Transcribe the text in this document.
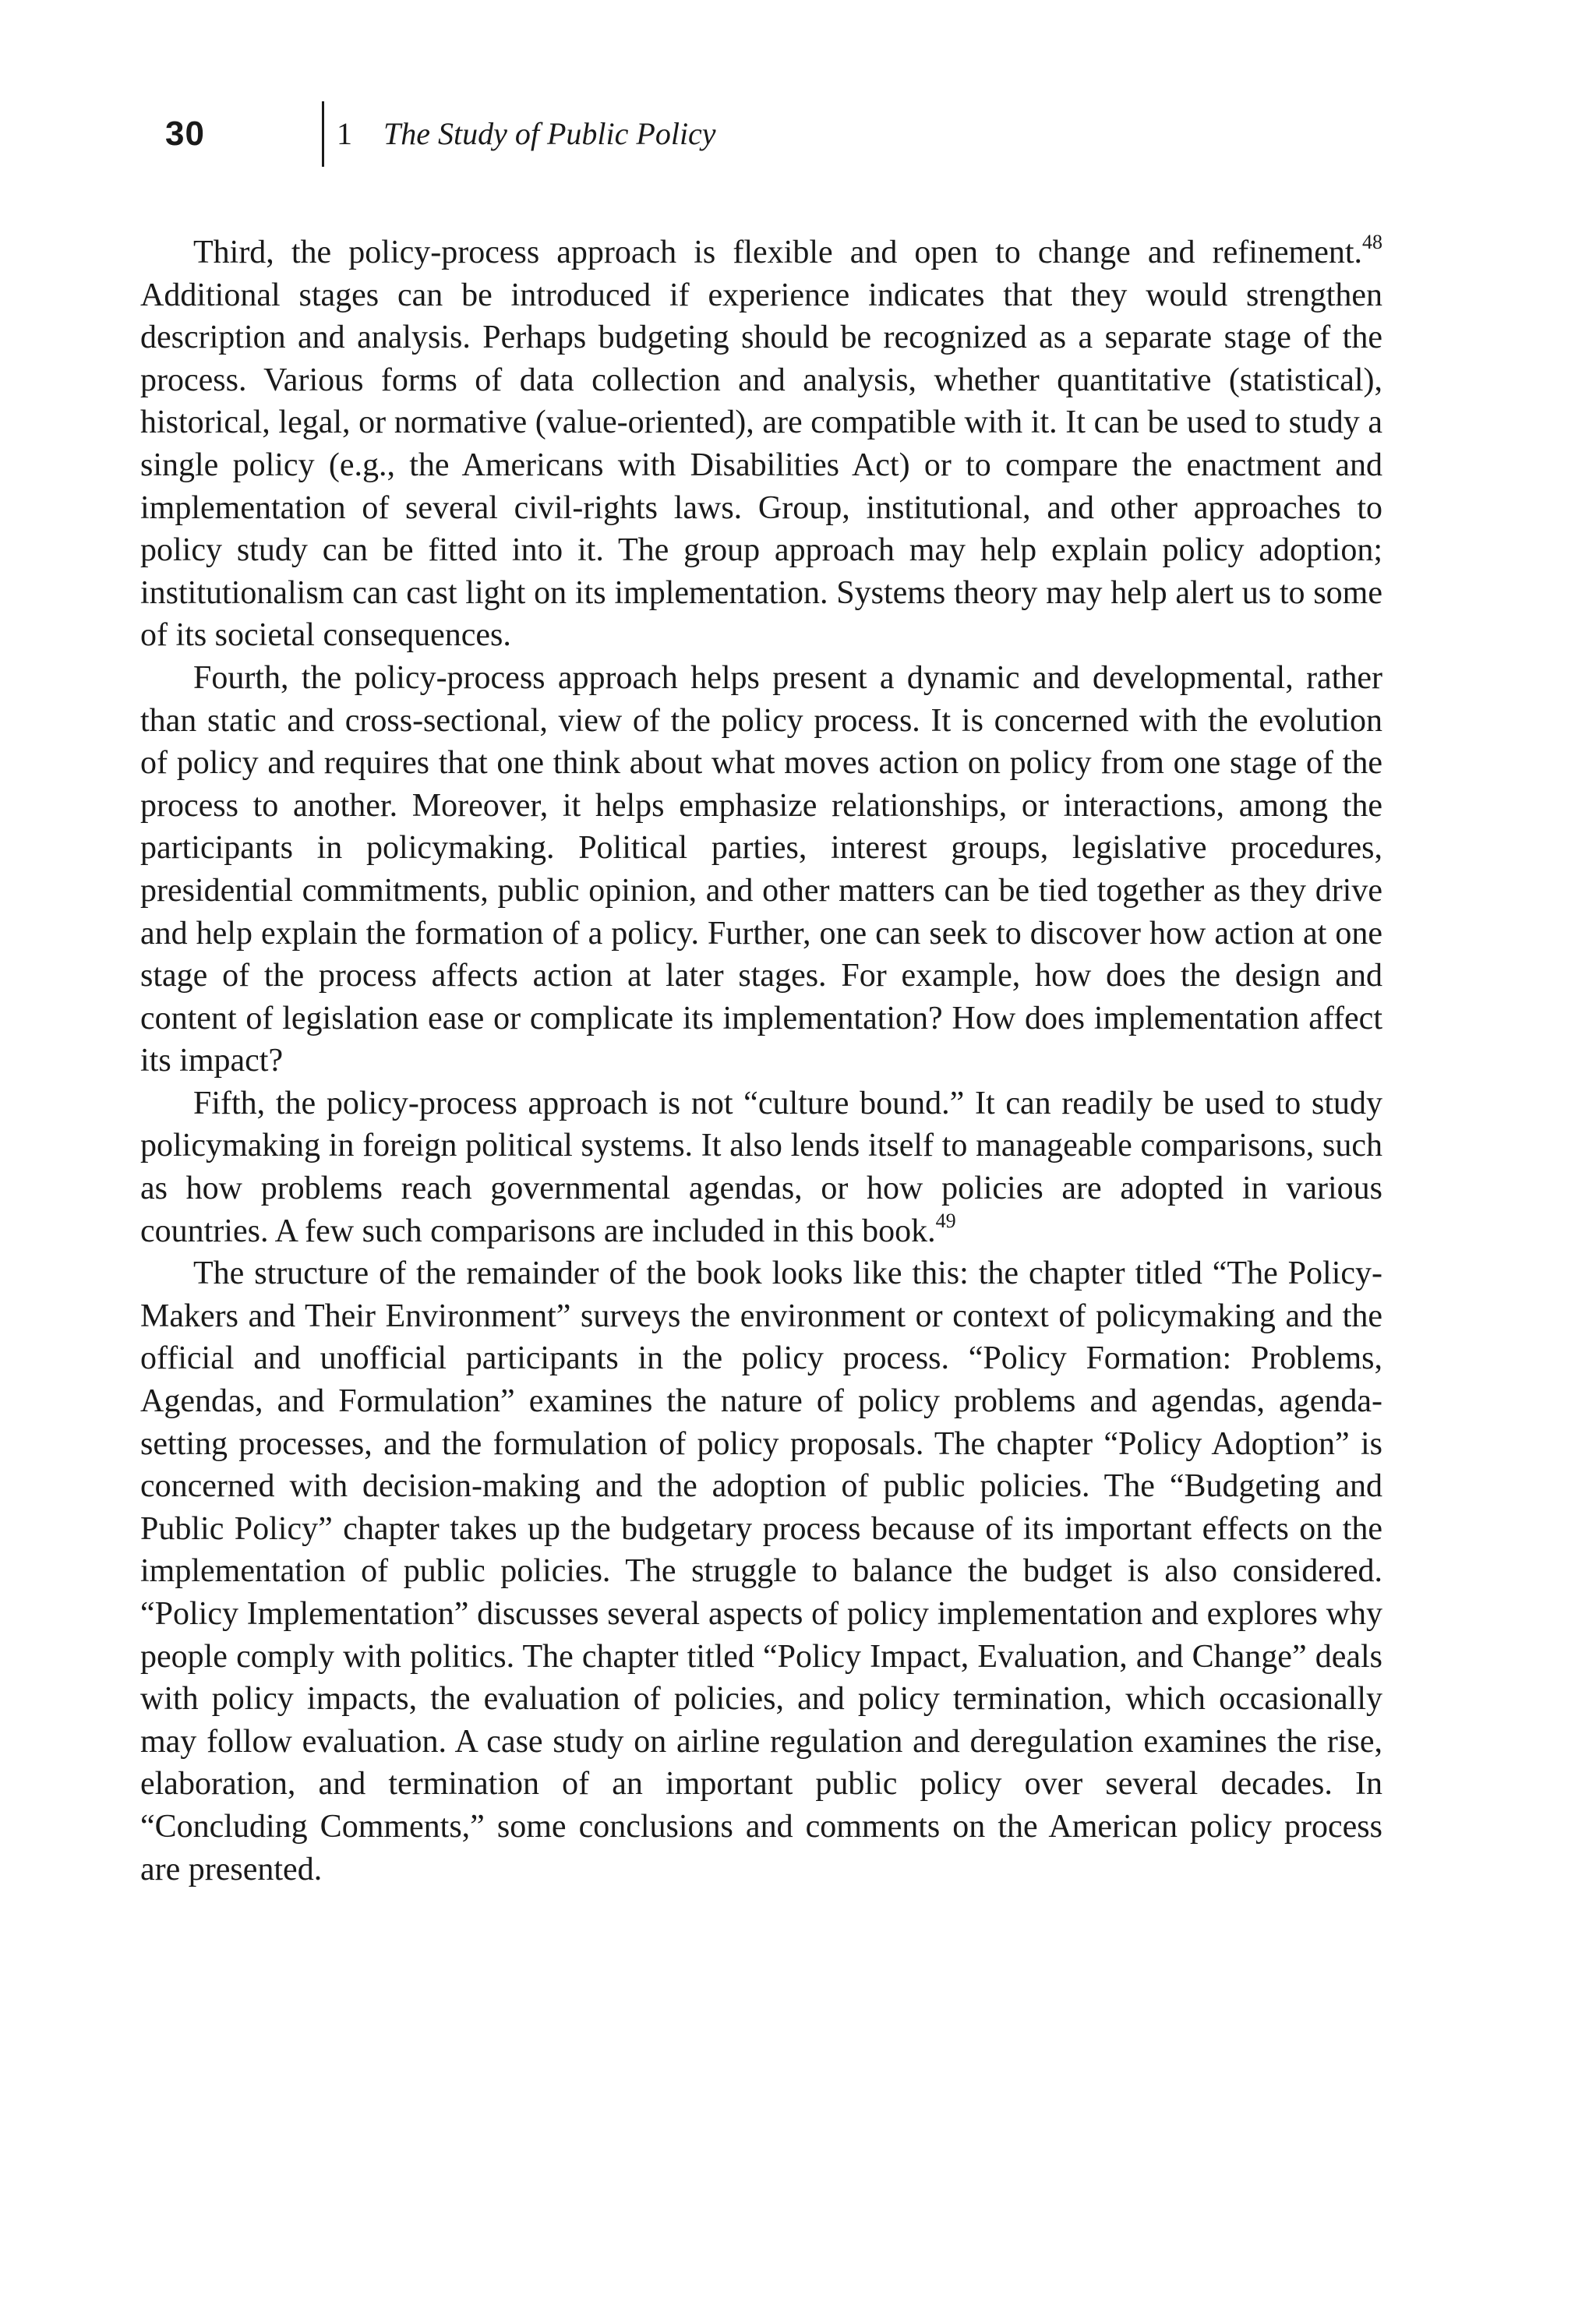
30	1 The Study of Public Policy

Third, the policy-process approach is flexible and open to change and refinement.$^{48}$ Additional stages can be introduced if experience indicates that they would strengthen description and analysis. Perhaps budgeting should be recognized as a separate stage of the process. Various forms of data collection and analysis, whether quantitative (statistical), historical, legal, or normative (value-oriented), are compatible with it. It can be used to study a single policy (e.g., the Americans with Disabilities Act) or to compare the enactment and implementation of several civil-rights laws. Group, institutional, and other approaches to policy study can be fitted into it. The group approach may help explain policy adoption; institutionalism can cast light on its implementation. Systems theory may help alert us to some of its societal consequences.

Fourth, the policy-process approach helps present a dynamic and developmental, rather than static and cross-sectional, view of the policy process. It is concerned with the evolution of policy and requires that one think about what moves action on policy from one stage of the process to another. Moreover, it helps emphasize relationships, or interactions, among the participants in policymaking. Political parties, interest groups, legislative procedures, presidential commitments, public opinion, and other matters can be tied together as they drive and help explain the formation of a policy. Further, one can seek to discover how action at one stage of the process affects action at later stages. For example, how does the design and content of legislation ease or complicate its implementation? How does implementation affect its impact?

Fifth, the policy-process approach is not “culture bound.” It can readily be used to study policymaking in foreign political systems. It also lends itself to manageable comparisons, such as how problems reach governmental agendas, or how policies are adopted in various countries. A few such comparisons are included in this book.$^{49}$

The structure of the remainder of the book looks like this: the chapter titled “The Policy-Makers and Their Environment” surveys the environment or context of policymaking and the official and unofficial participants in the policy process. “Policy Formation: Problems, Agendas, and Formulation” examines the nature of policy problems and agendas, agenda-setting processes, and the formulation of policy proposals. The chapter “Policy Adoption” is concerned with decision-making and the adoption of public policies. The “Budgeting and Public Policy” chapter takes up the budgetary process because of its important effects on the implementation of public policies. The struggle to balance the budget is also considered. “Policy Implementation” discusses several aspects of policy implementation and explores why people comply with politics. The chapter titled “Policy Impact, Evaluation, and Change” deals with policy impacts, the evaluation of policies, and policy termination, which occasionally may follow evaluation. A case study on airline regulation and deregulation examines the rise, elaboration, and termination of an important public policy over several decades. In “Concluding Comments,” some conclusions and comments on the American policy process are presented.
